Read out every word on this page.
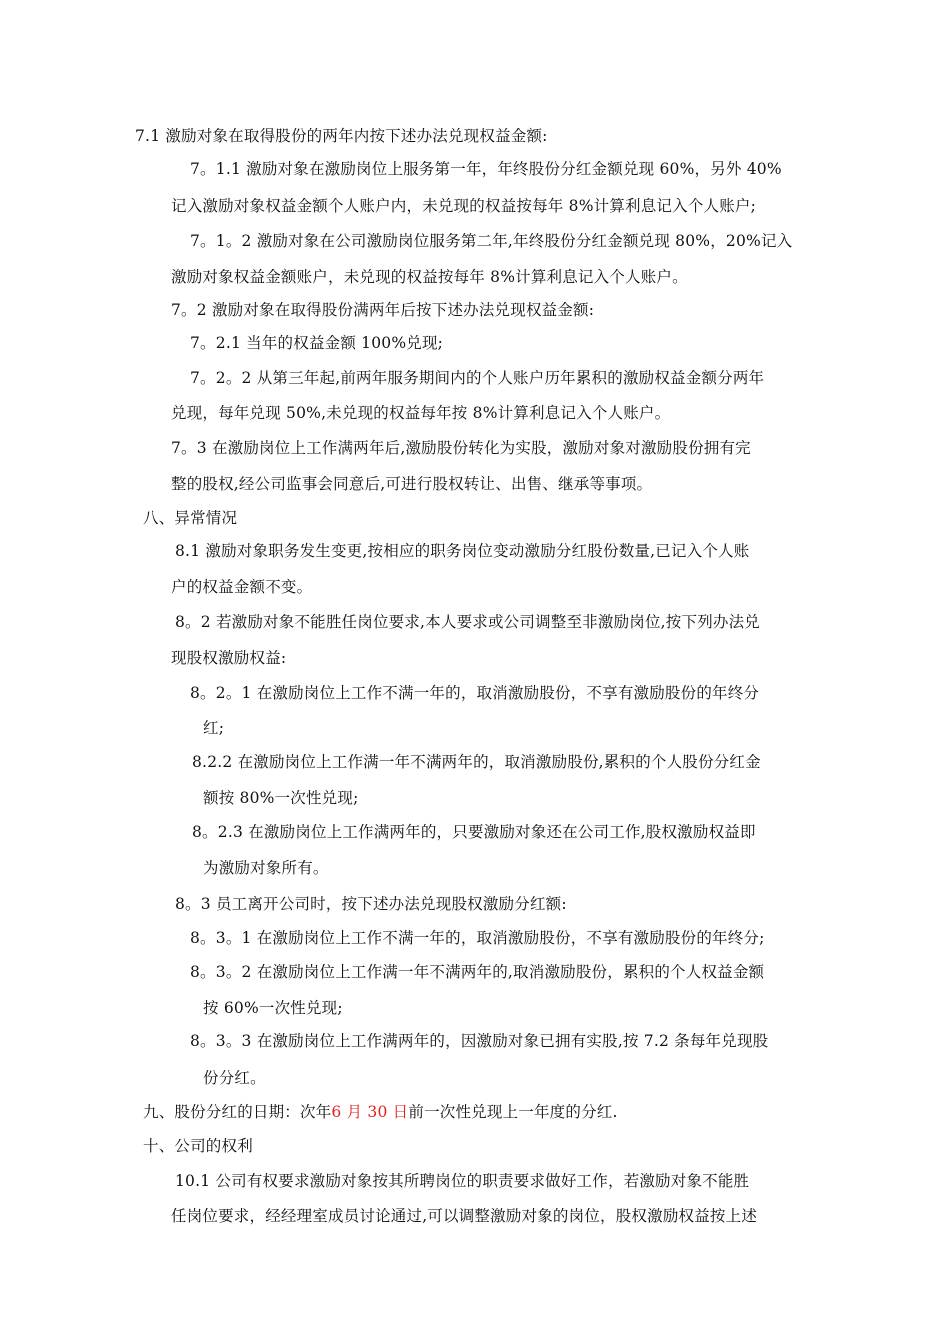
7.1 激励对象在取得股份的两年内按下述办法兑现权益金额:
7。1.1 激励对象在激励岗位上服务第一年，年终股份分红金额兑现 60%，另外 40%
记入激励对象权益金额个人账户内，未兑现的权益按每年 8%计算利息记入个人账户;
7。1。2 激励对象在公司激励岗位服务第二年,年终股份分红金额兑现 80%，20%记入
激励对象权益金额账户，未兑现的权益按每年 8%计算利息记入个人账户。
7。2 激励对象在取得股份满两年后按下述办法兑现权益金额:
7。2.1 当年的权益金额 100%兑现;
7。2。2 从第三年起,前两年服务期间内的个人账户历年累积的激励权益金额分两年
兑现，每年兑现 50%,未兑现的权益每年按 8%计算利息记入个人账户。
7。3 在激励岗位上工作满两年后,激励股份转化为实股，激励对象对激励股份拥有完
整的股权,经公司监事会同意后,可进行股权转让、出售、继承等事项。
八、异常情况
8.1 激励对象职务发生变更,按相应的职务岗位变动激励分红股份数量,已记入个人账
户的权益金额不变。
8。2 若激励对象不能胜任岗位要求,本人要求或公司调整至非激励岗位,按下列办法兑
现股权激励权益:
8。2。1 在激励岗位上工作不满一年的，取消激励股份，不享有激励股份的年终分
红;
8.2.2 在激励岗位上工作满一年不满两年的，取消激励股份,累积的个人股份分红金
额按 80%一次性兑现;
8。2.3 在激励岗位上工作满两年的，只要激励对象还在公司工作,股权激励权益即
为激励对象所有。
8。3 员工离开公司时，按下述办法兑现股权激励分红额:
8。3。1 在激励岗位上工作不满一年的，取消激励股份，不享有激励股份的年终分;
8。3。2 在激励岗位上工作满一年不满两年的,取消激励股份，累积的个人权益金额
按 60%一次性兑现;
8。3。3 在激励岗位上工作满两年的，因激励对象已拥有实股,按 7.2 条每年兑现股
份分红。
九、股份分红的日期：次年6 月 30 日前一次性兑现上一年度的分红.
十、公司的权利
10.1 公司有权要求激励对象按其所聘岗位的职责要求做好工作，若激励对象不能胜
任岗位要求，经经理室成员讨论通过,可以调整激励对象的岗位，股权激励权益按上述
